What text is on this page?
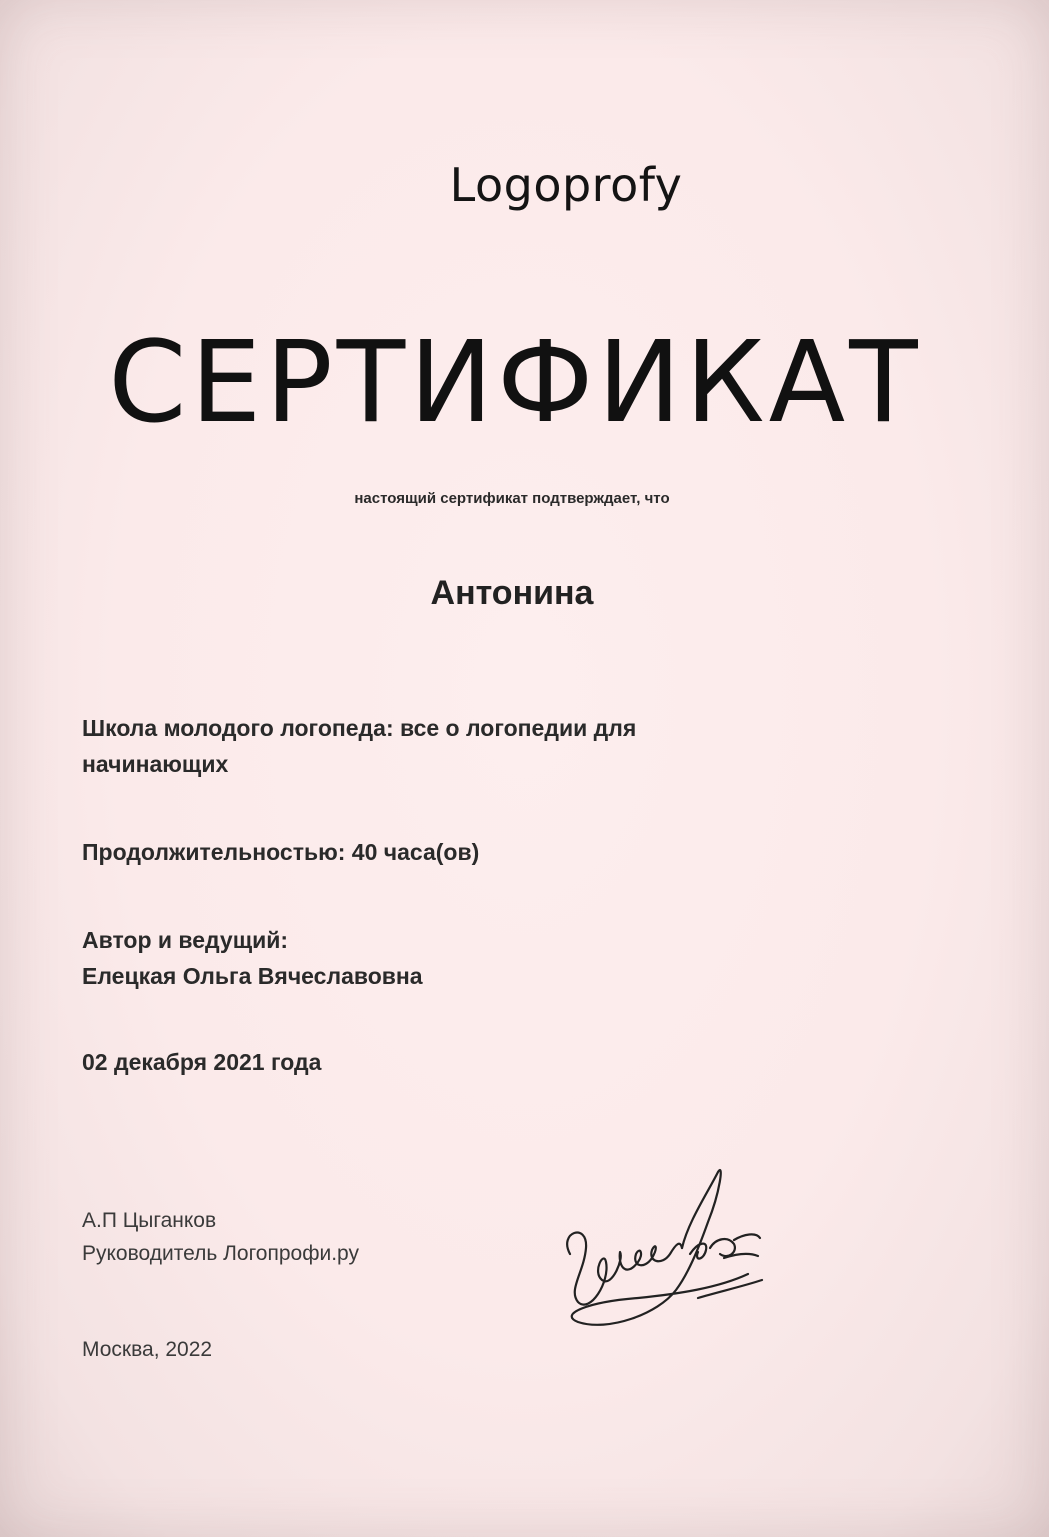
Logoprofy
СЕРТИФИКАТ
настоящий сертификат подтверждает, что
Антонина
Школа молодого логопеда: все о логопедии для начинающих
Продолжительностью: 40 часа(ов)
Автор и ведущий:
Елецкая Ольга Вячеславовна
02 декабря 2021 года
А.П Цыганков
Руководитель Логопрофи.ру
Москва, 2022
